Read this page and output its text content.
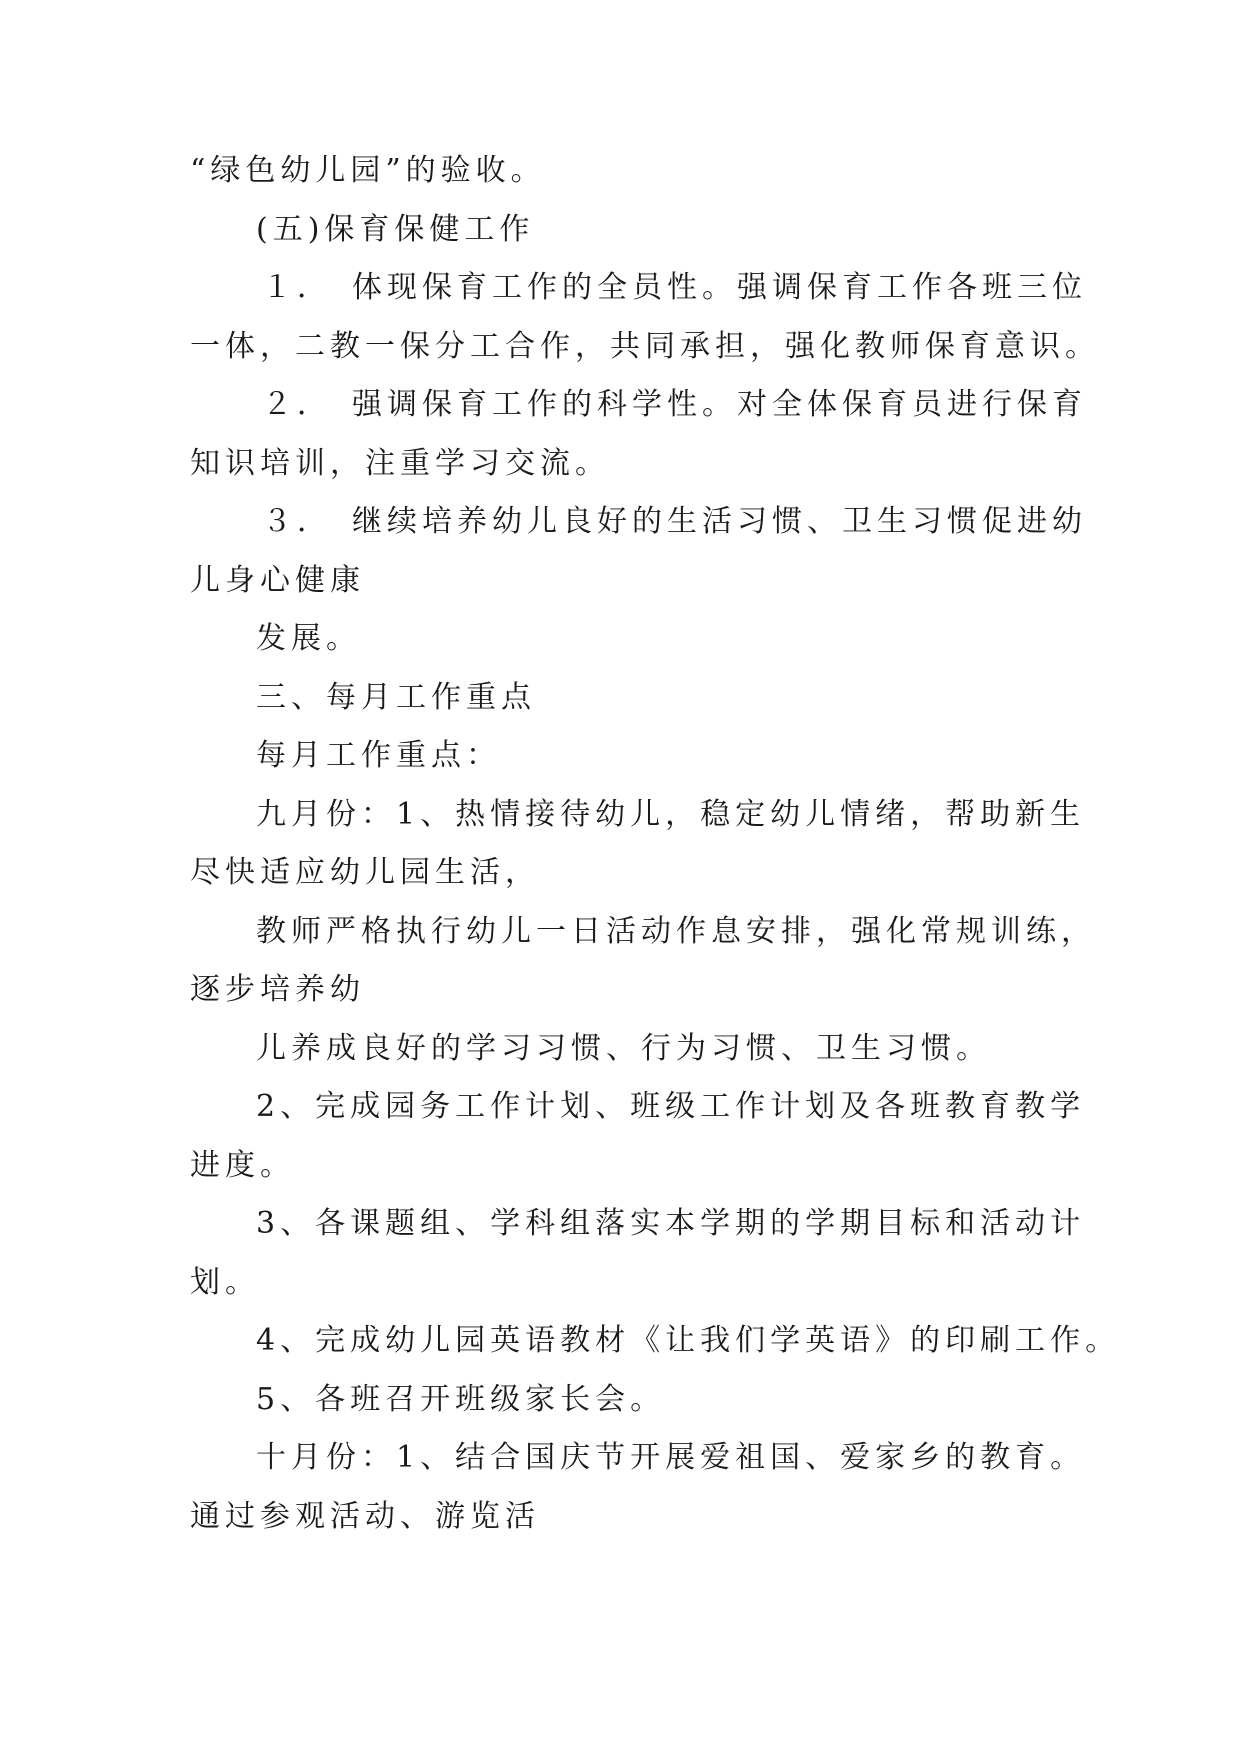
“绿色幼儿园”的验收。
(五)保育保健工作
１．　体现保育工作的全员性。强调保育工作各班三位
一体，二教一保分工合作，共同承担，强化教师保育意识。
２．　强调保育工作的科学性。对全体保育员进行保育
知识培训，注重学习交流。
３．　继续培养幼儿良好的生活习惯、卫生习惯促进幼
儿身心健康
发展。
三、每月工作重点
每月工作重点：
九月份：1、热情接待幼儿，稳定幼儿情绪，帮助新生
尽快适应幼儿园生活，
教师严格执行幼儿一日活动作息安排，强化常规训练，
逐步培养幼
儿养成良好的学习习惯、行为习惯、卫生习惯。
2、完成园务工作计划、班级工作计划及各班教育教学
进度。
3、各课题组、学科组落实本学期的学期目标和活动计
划。
4、完成幼儿园英语教材《让我们学英语》的印刷工作。
5、各班召开班级家长会。
十月份：1、结合国庆节开展爱祖国、爱家乡的教育。
通过参观活动、游览活
